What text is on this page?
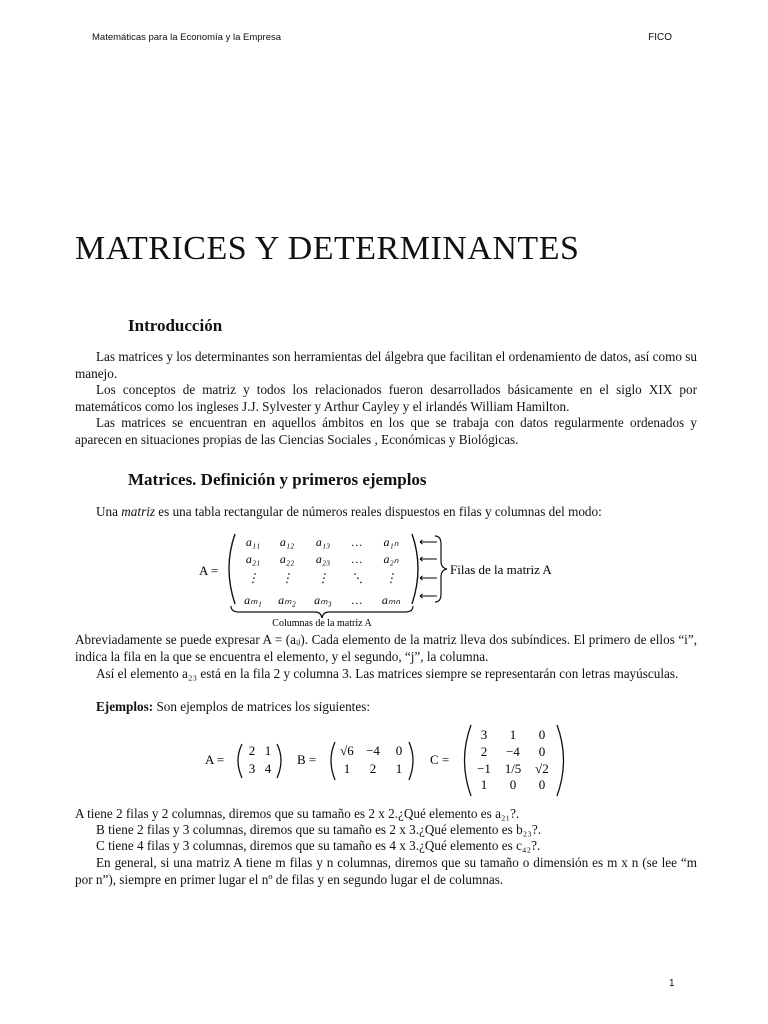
Matemáticas para la Economía y la Empresa	FICO
MATRICES Y DETERMINANTES
Introducción

Las matrices y los determinantes son herramientas del álgebra que facilitan el ordenamiento de datos, así como su manejo.

Los conceptos de matriz y todos los relacionados fueron desarrollados básicamente en el siglo XIX por matemáticos como los ingleses J.J. Sylvester y Arthur Cayley y el irlandés William Hamilton.

Las matrices se encuentran en aquellos ámbitos en los que se trabaja con datos regularmente ordenados y aparecen en situaciones propias de las Ciencias Sociales , Económicas y Biológicas.

Matrices. Definición y primeros ejemplos

Una matriz es una tabla rectangular de números reales dispuestos en filas y columnas del modo:

A =
a₁₁ a₁₂ a₁₃ … a₁ₙ
a₂₁ a₂₂ a₂₃ … a₂ₙ
⋮ ⋮ ⋮ ⋱ ⋮
aₘ₁ aₘ₂ aₘ₃ … aₘₙ
⟵
⟵
⟵
⟵
Filas de la matriz A
Columnas de la matriz A

Abreviadamente se puede expresar A = (aᵢⱼ). Cada elemento de la matriz lleva dos subíndices. El primero de ellos “i”, indica la fila en la que se encuentra el elemento, y el segundo, “j”, la columna.

Así el elemento a₂₃ está en la fila 2 y columna 3. Las matrices siempre se representarán con letras mayúsculas.

Ejemplos: Son ejemplos de matrices los siguientes:

A =
2 1
3 4
B =
√6 −4 0
1 2 1
C =
3 1 0
2 −4 0
−1 1/5 √2
1 0 0

A tiene 2 filas y 2 columnas, diremos que su tamaño es 2 x 2.¿Qué elemento es a₂₁?.

B tiene 2 filas y 3 columnas, diremos que su tamaño es 2 x 3.¿Qué elemento es b₂₃?.

C tiene 4 filas y 3 columnas, diremos que su tamaño es 4 x 3.¿Qué elemento es c₄₂?.

En general, si una matriz A tiene m filas y n columnas, diremos que su tamaño o dimensión es m x n (se lee “m por n”), siempre en primer lugar el nº de filas y en segundo lugar el de columnas.

1
